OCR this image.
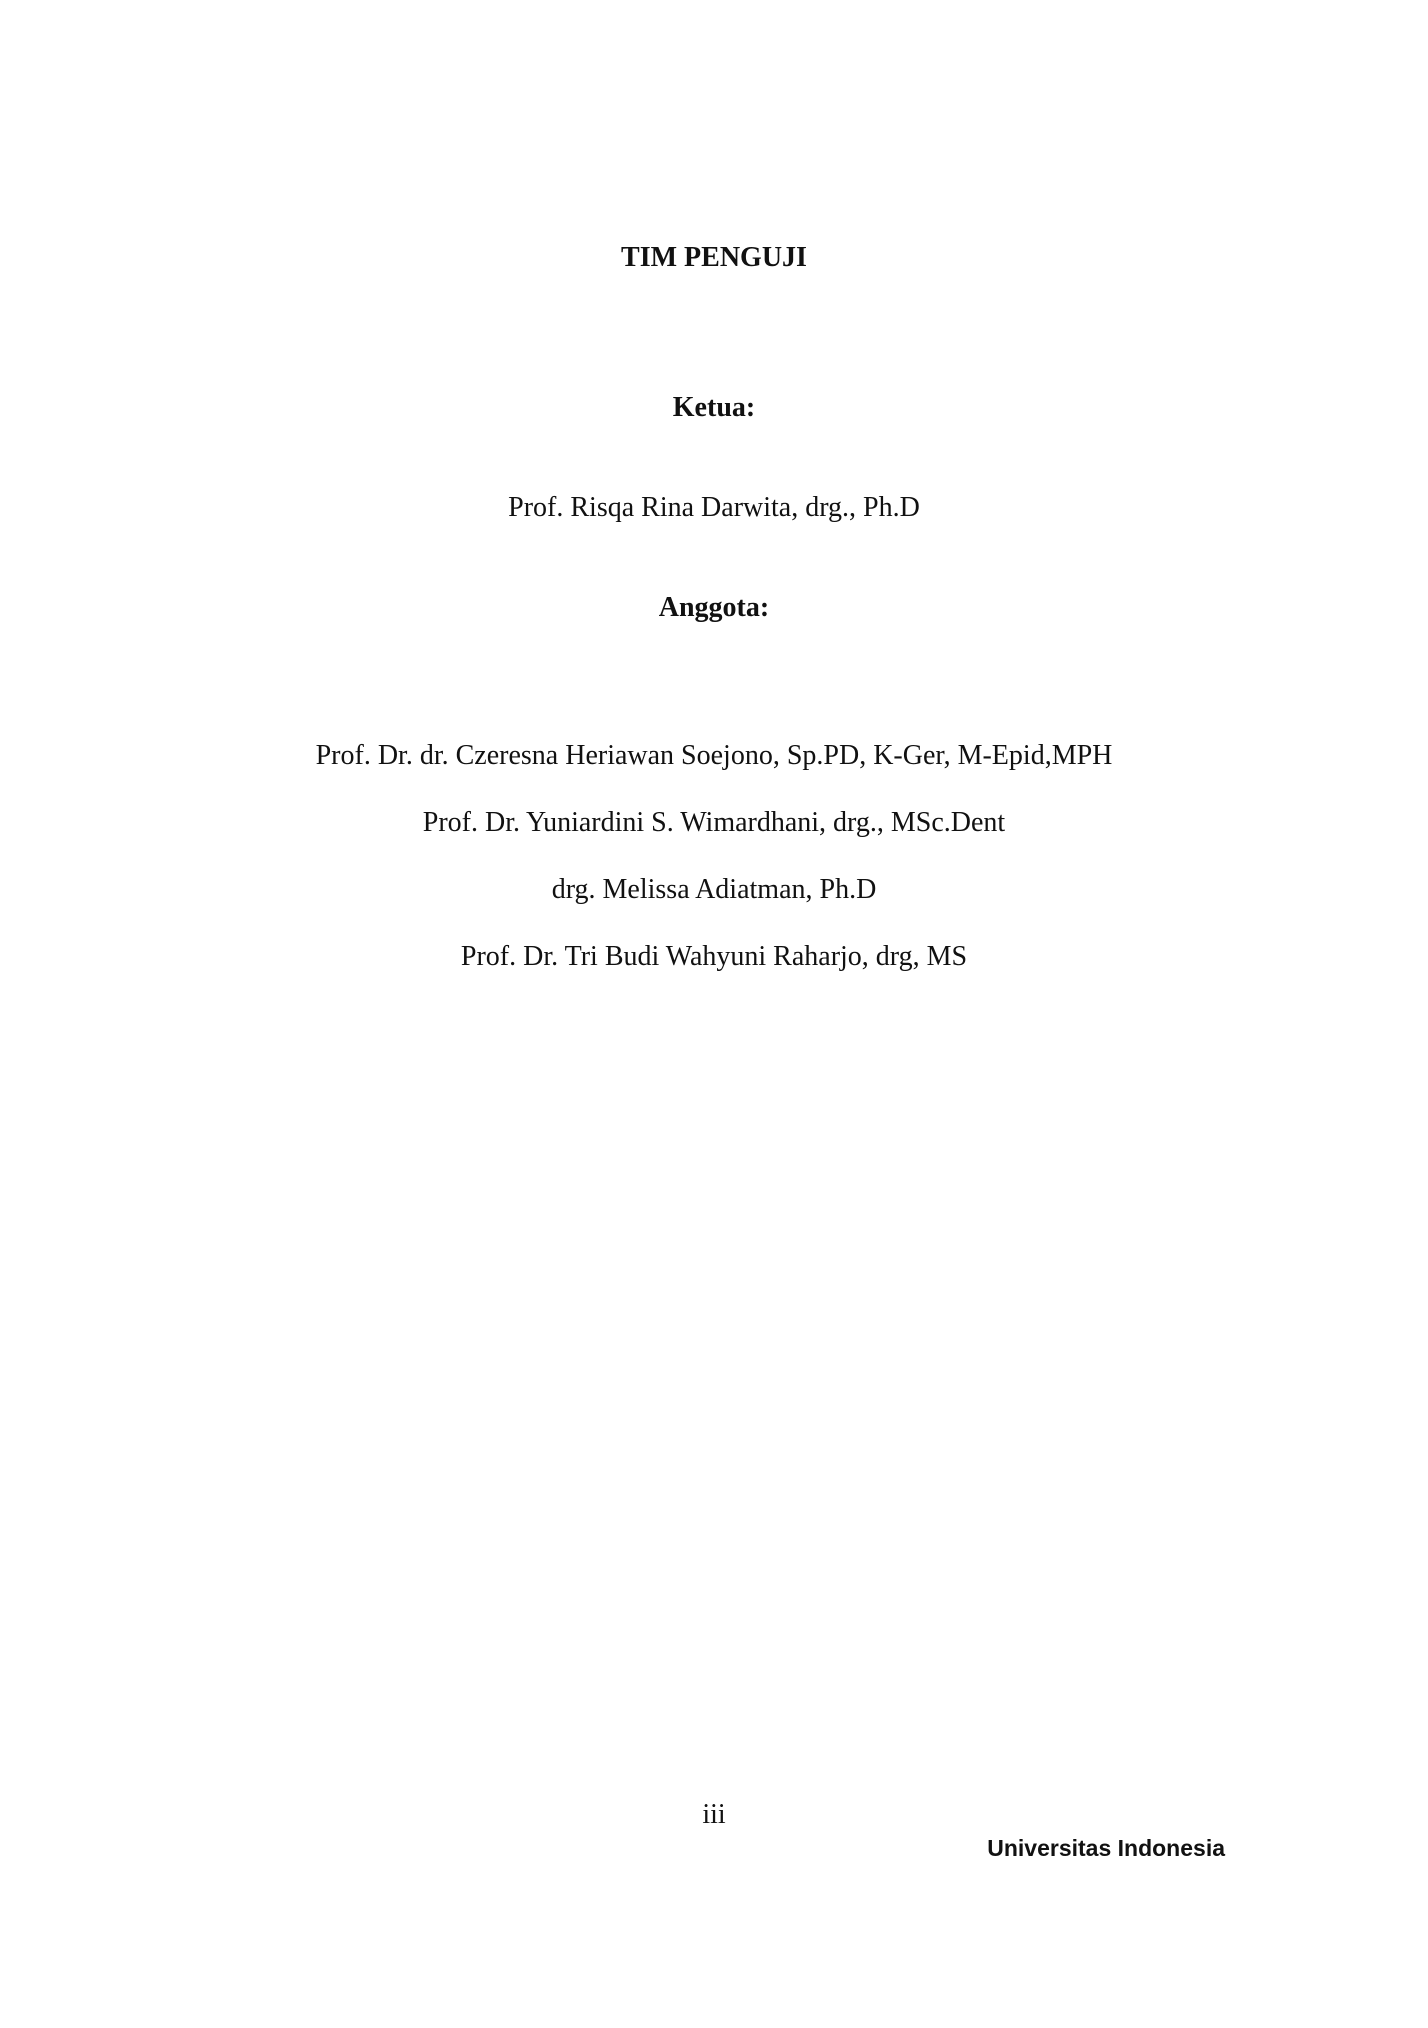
TIM PENGUJI
Ketua:
Prof. Risqa Rina Darwita, drg., Ph.D
Anggota:
Prof. Dr. dr. Czeresna Heriawan Soejono, Sp.PD, K-Ger, M-Epid,MPH
Prof. Dr. Yuniardini S. Wimardhani, drg., MSc.Dent
drg. Melissa Adiatman, Ph.D
Prof. Dr. Tri Budi Wahyuni Raharjo, drg, MS
iii
Universitas Indonesia
